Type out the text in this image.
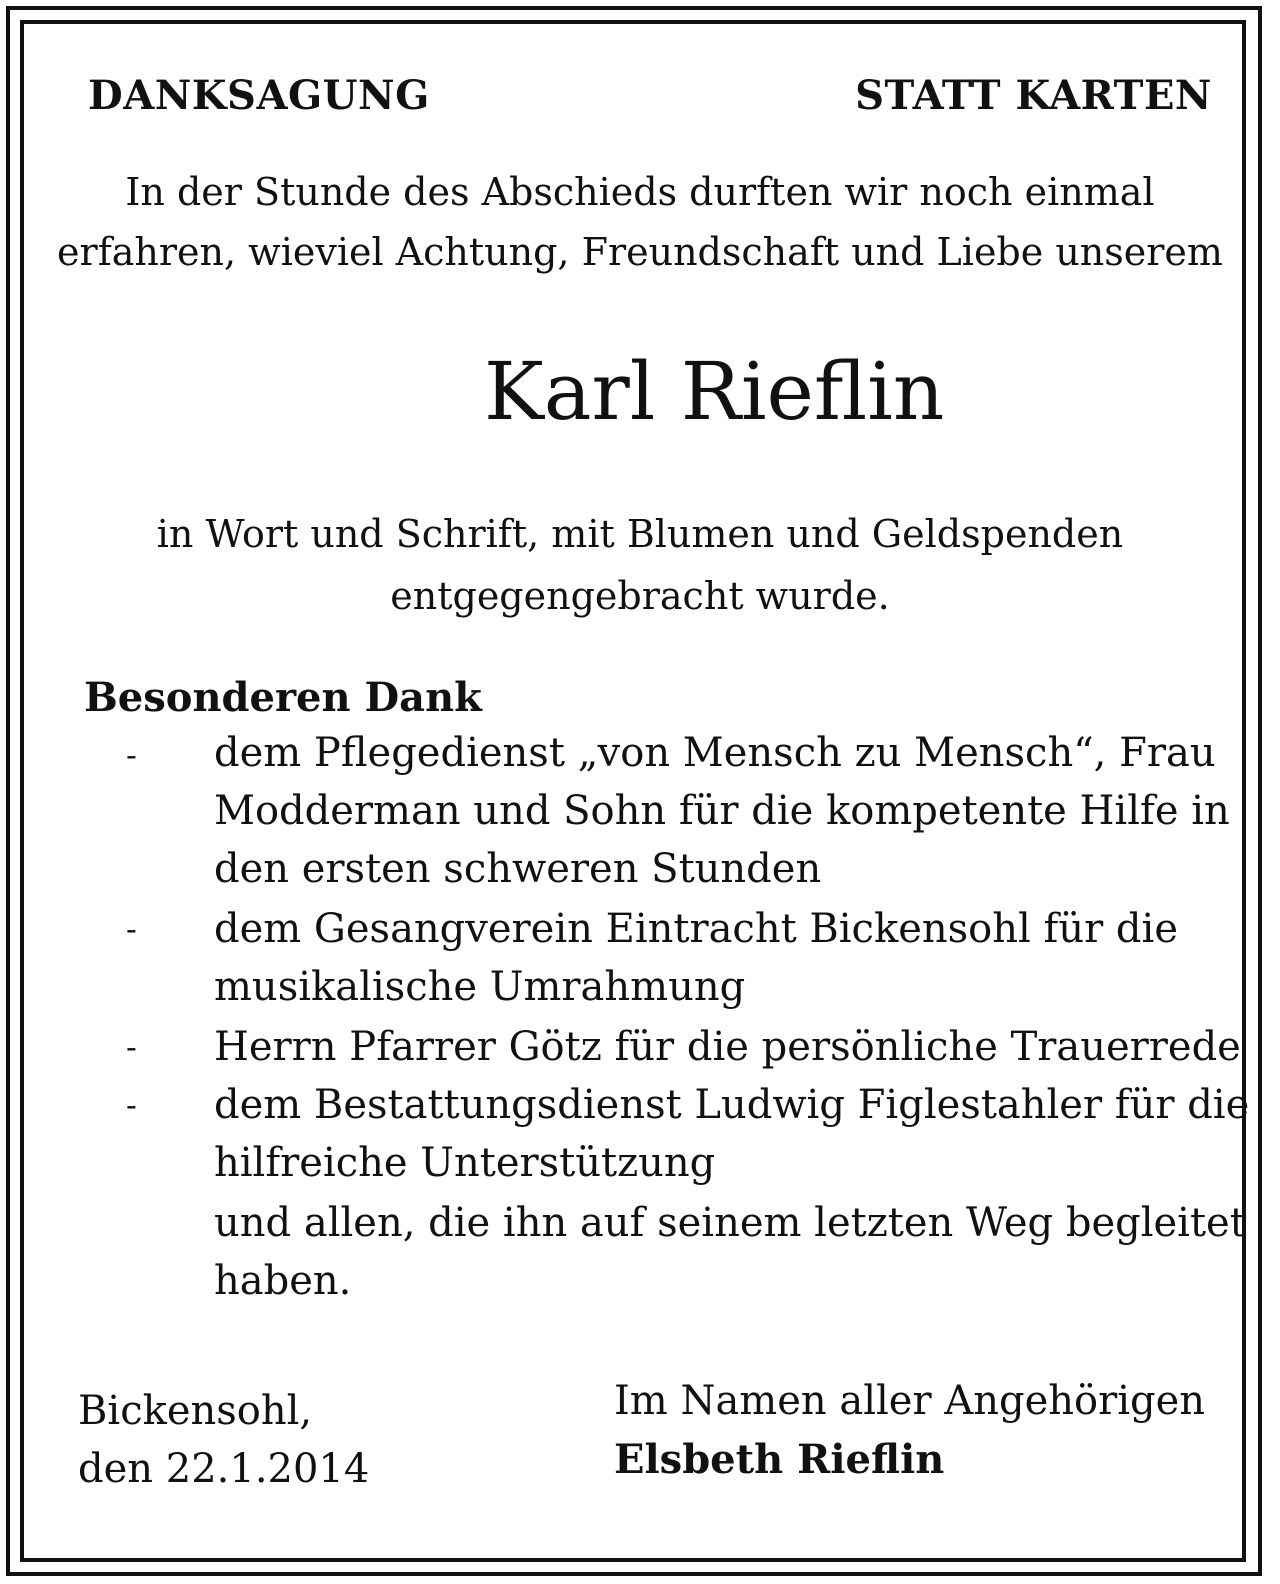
DANKSAGUNG	STATT KARTEN
In der Stunde des Abschieds durften wir noch einmal
erfahren, wieviel Achtung, Freundschaft und Liebe unserem
Karl Rieflin
in Wort und Schrift, mit Blumen und Geldspenden
entgegengebracht wurde.
Besonderen Dank
- dem Pflegedienst „von Mensch zu Mensch“, Frau
Modderman und Sohn für die kompetente Hilfe in
den ersten schweren Stunden
- dem Gesangverein Eintracht Bickensohl für die
musikalische Umrahmung
- Herrn Pfarrer Götz für die persönliche Trauerrede
- dem Bestattungsdienst Ludwig Figlestahler für die
hilfreiche Unterstützung
und allen, die ihn auf seinem letzten Weg begleitet
haben.
Bickensohl,
den 22.1.2014
Im Namen aller Angehörigen
Elsbeth Rieflin
